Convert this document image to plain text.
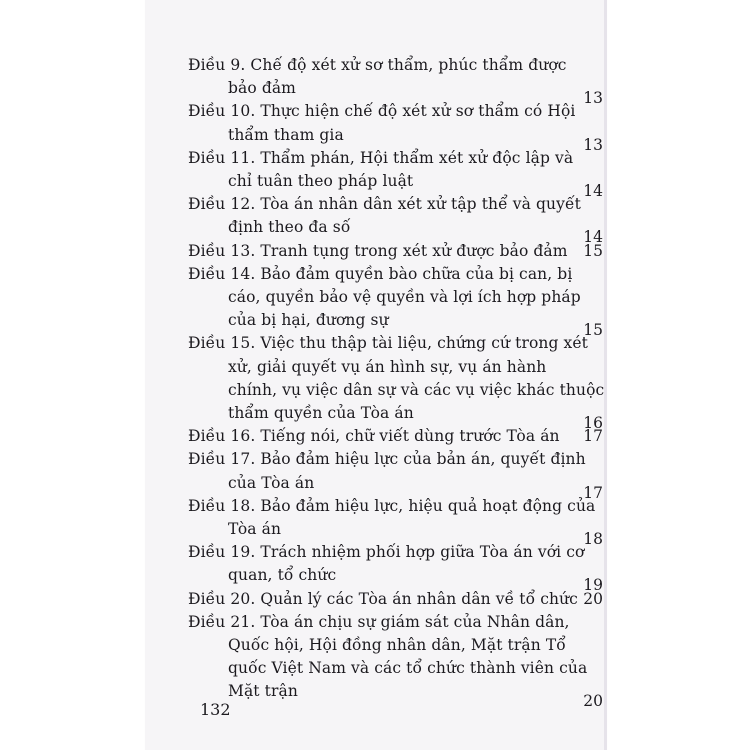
Điều 9. Chế độ xét xử sơ thẩm, phúc thẩm được
bảo đảm
13
Điều 10. Thực hiện chế độ xét xử sơ thẩm có Hội
thẩm tham gia
13
Điều 11. Thẩm phán, Hội thẩm xét xử độc lập và
chỉ tuân theo pháp luật
14
Điều 12. Tòa án nhân dân xét xử tập thể và quyết
định theo đa số
14
Điều 13. Tranh tụng trong xét xử được bảo đảm	15
Điều 14. Bảo đảm quyền bào chữa của bị can, bị
cáo, quyền bảo vệ quyền và lợi ích hợp pháp
của bị hại, đương sự
15
Điều 15. Việc thu thập tài liệu, chứng cứ trong xét
xử, giải quyết vụ án hình sự, vụ án hành
chính, vụ việc dân sự và các vụ việc khác thuộc
thẩm quyền của Tòa án
16
Điều 16. Tiếng nói, chữ viết dùng trước Tòa án	17
Điều 17. Bảo đảm hiệu lực của bản án, quyết định
của Tòa án
17
Điều 18. Bảo đảm hiệu lực, hiệu quả hoạt động của
Tòa án
18
Điều 19. Trách nhiệm phối hợp giữa Tòa án với cơ
quan, tổ chức
19
Điều 20. Quản lý các Tòa án nhân dân về tổ chức 20
Điều 21. Tòa án chịu sự giám sát của Nhân dân,
Quốc hội, Hội đồng nhân dân, Mặt trận Tổ
quốc Việt Nam và các tổ chức thành viên của
Mặt trận
20
132
